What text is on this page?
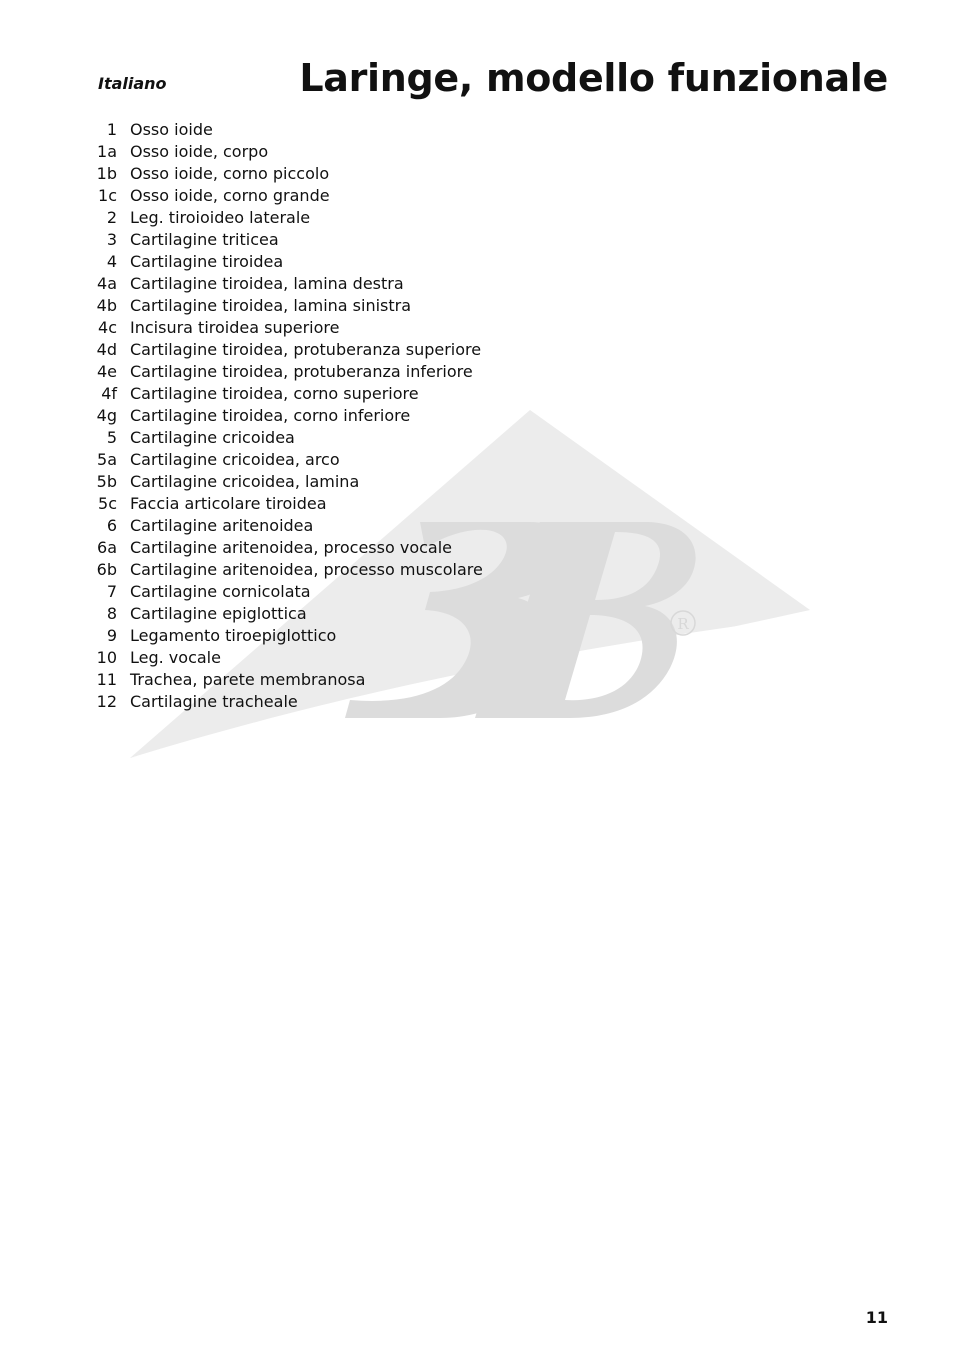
Italiano	Laringe, modello funzionale
R
1 Osso ioide
1a Osso ioide, corpo
1b Osso ioide, corno piccolo
1c Osso ioide, corno grande
2 Leg. tiroioideo laterale
3 Cartilagine triticea
4 Cartilagine tiroidea
4a Cartilagine tiroidea, lamina destra
4b Cartilagine tiroidea, lamina sinistra
4c Incisura tiroidea superiore
4d Cartilagine tiroidea, protuberanza superiore
4e Cartilagine tiroidea, protuberanza inferiore
4f Cartilagine tiroidea, corno superiore
4g Cartilagine tiroidea, corno inferiore
5 Cartilagine cricoidea
5a Cartilagine cricoidea, arco
5b Cartilagine cricoidea, lamina
5c Faccia articolare tiroidea
6 Cartilagine aritenoidea
6a Cartilagine aritenoidea, processo vocale
6b Cartilagine aritenoidea, processo muscolare
7 Cartilagine cornicolata
8 Cartilagine epiglottica
9 Legamento tiroepiglottico
10 Leg. vocale
11 Trachea, parete membranosa
12 Cartilagine tracheale

11
